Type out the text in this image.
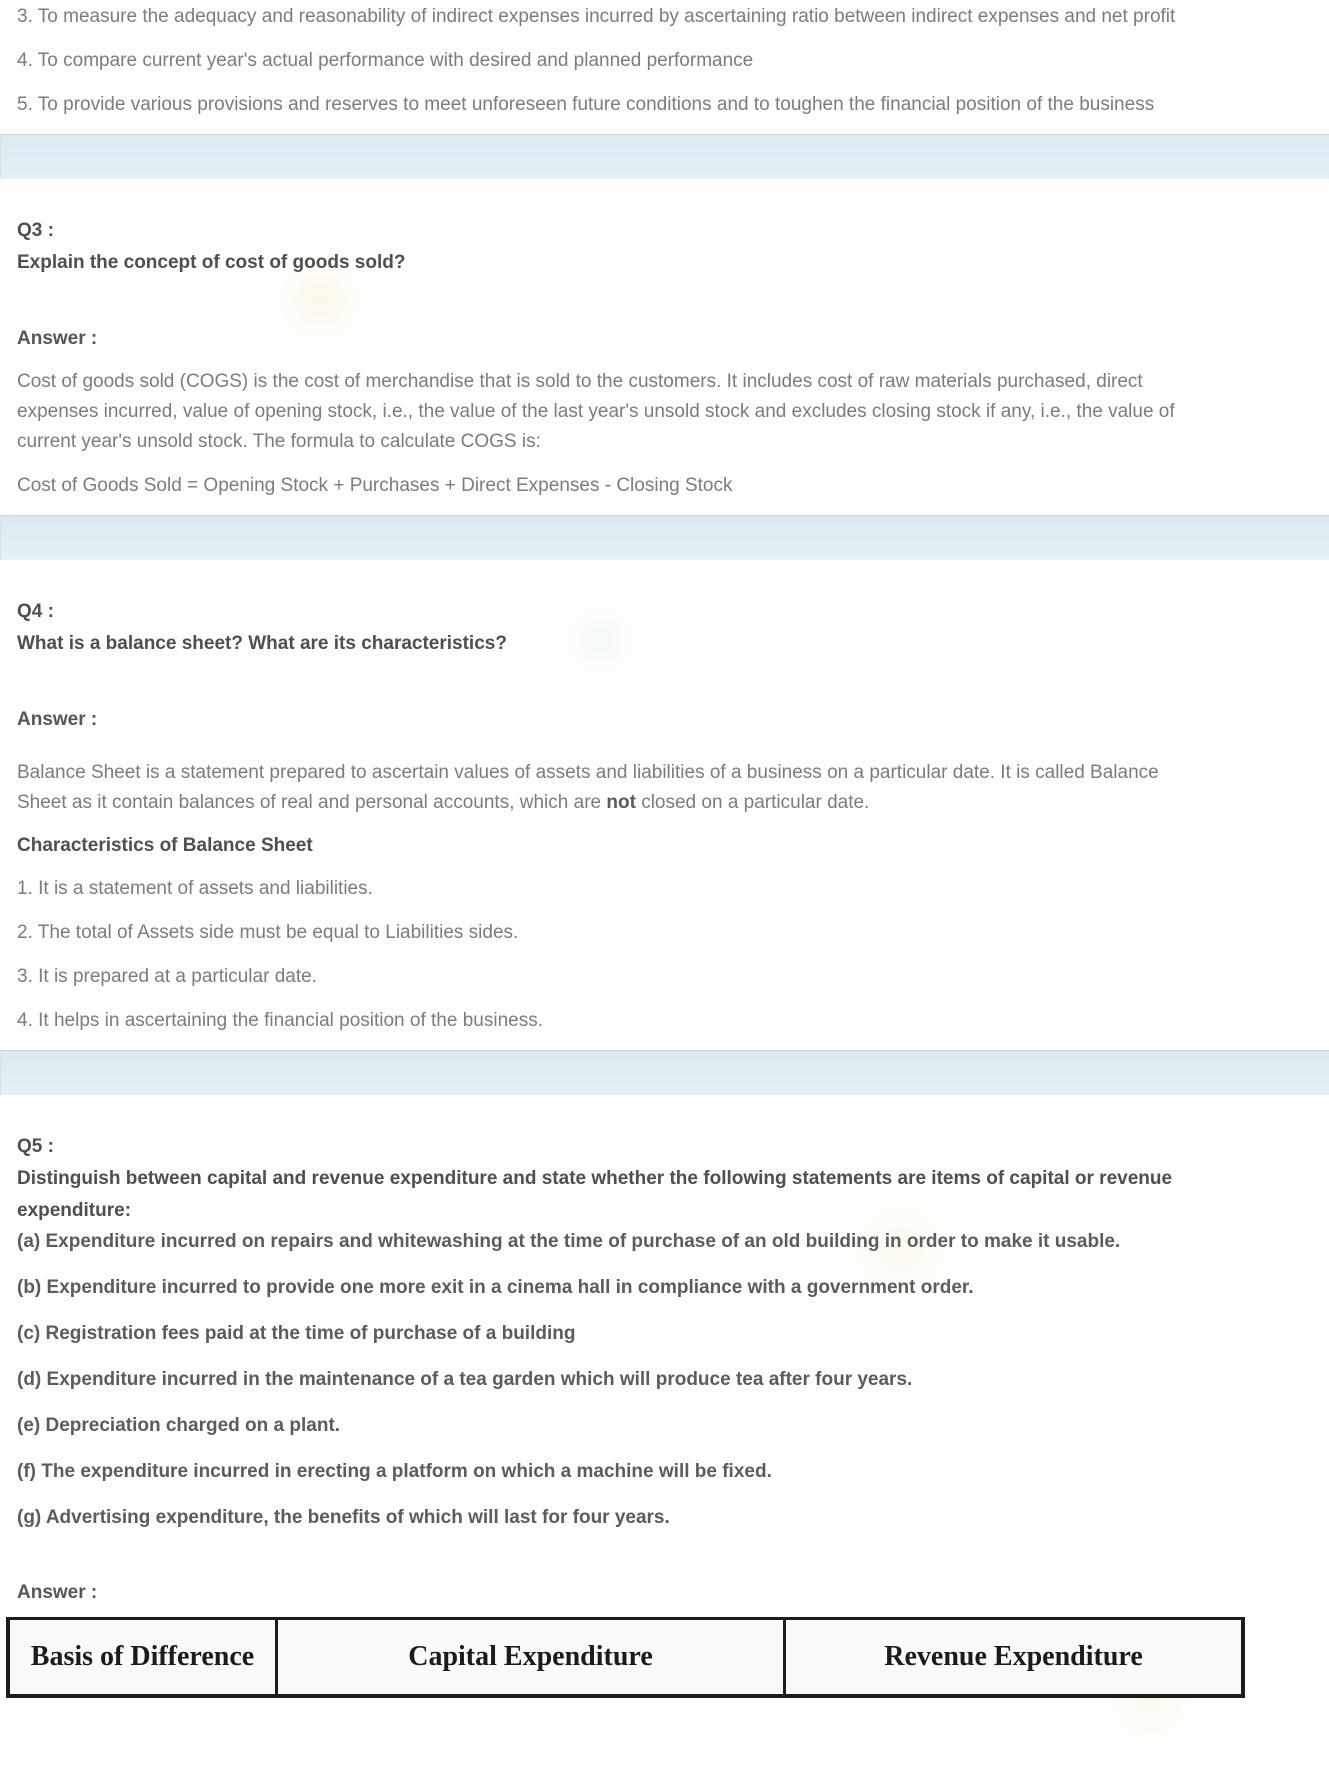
3. To measure the adequacy and reasonability of indirect expenses incurred by ascertaining ratio between indirect expenses and net profit

4. To compare current year's actual performance with desired and planned performance

5. To provide various provisions and reserves to meet unforeseen future conditions and to toughen the financial position of the business

Q3 :

Explain the concept of cost of goods sold?

Answer :

Cost of goods sold (COGS) is the cost of merchandise that is sold to the customers. It includes cost of raw materials purchased, direct expenses incurred, value of opening stock, i.e., the value of the last year's unsold stock and excludes closing stock if any, i.e., the value of current year's unsold stock. The formula to calculate COGS is:

Cost of Goods Sold = Opening Stock + Purchases + Direct Expenses - Closing Stock

Q4 :

What is a balance sheet? What are its characteristics?

Answer :

Balance Sheet is a statement prepared to ascertain values of assets and liabilities of a business on a particular date. It is called Balance Sheet as it contain balances of real and personal accounts, which are not closed on a particular date.

Characteristics of Balance Sheet

1. It is a statement of assets and liabilities.

2. The total of Assets side must be equal to Liabilities sides.

3. It is prepared at a particular date.

4. It helps in ascertaining the financial position of the business.

Q5 :

Distinguish between capital and revenue expenditure and state whether the following statements are items of capital or revenue expenditure:

(a) Expenditure incurred on repairs and whitewashing at the time of purchase of an old building in order to make it usable.

(b) Expenditure incurred to provide one more exit in a cinema hall in compliance with a government order.

(c) Registration fees paid at the time of purchase of a building

(d) Expenditure incurred in the maintenance of a tea garden which will produce tea after four years.

(e) Depreciation charged on a plant.

(f) The expenditure incurred in erecting a platform on which a machine will be fixed.

(g) Advertising expenditure, the benefits of which will last for four years.

Answer :

Basis of Difference	Capital Expenditure	Revenue Expenditure
